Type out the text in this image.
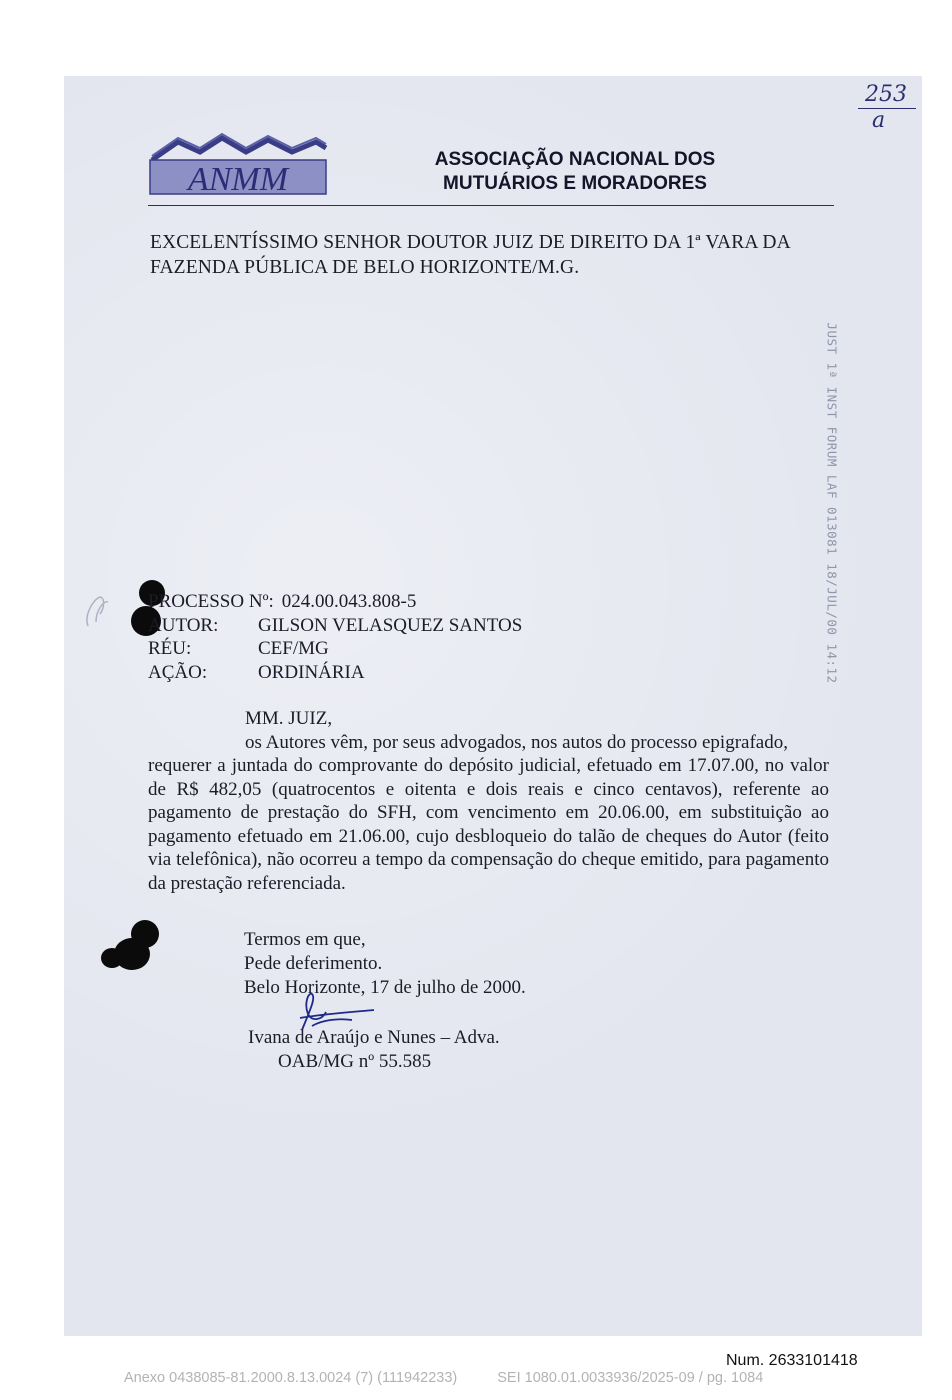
253
a
ANMM
ASSOCIAÇÃO NACIONAL DOS
MUTUÁRIOS E MORADORES
EXCELENTÍSSIMO SENHOR DOUTOR JUIZ DE DIREITO DA 1ª VARA DA FAZENDA PÚBLICA DE BELO HORIZONTE/M.G.
JUST 1ª INST FORUM LAF 013081 18/JUL/00 14:12
PROCESSO Nº: 024.00.043.808-5
AUTOR:	GILSON VELASQUEZ SANTOS
RÉU:	CEF/MG
AÇÃO:	ORDINÁRIA
MM. JUIZ,

os Autores vêm, por seus advogados, nos autos do processo epigrafado,

requerer a juntada do comprovante do depósito judicial, efetuado em 17.07.00, no valor de R$ 482,05 (quatrocentos e oitenta e dois reais e cinco centavos), referente ao pagamento de prestação do SFH, com vencimento em 20.06.00, em substituição ao pagamento efetuado em 21.06.00, cujo desbloqueio do talão de cheques do Autor (feito via telefônica), não ocorreu a tempo da compensação do cheque emitido, para pagamento da prestação referenciada.

Termos em que,
Pede deferimento.
Belo Horizonte, 17 de julho de 2000.
Ivana de Araújo e Nunes – Adva.
OAB/MG nº 55.585
Num. 2633101418
Anexo 0438085-81.2000.8.13.0024 (7) (111942233)	SEI 1080.01.0033936/2025-09 / pg. 1084
